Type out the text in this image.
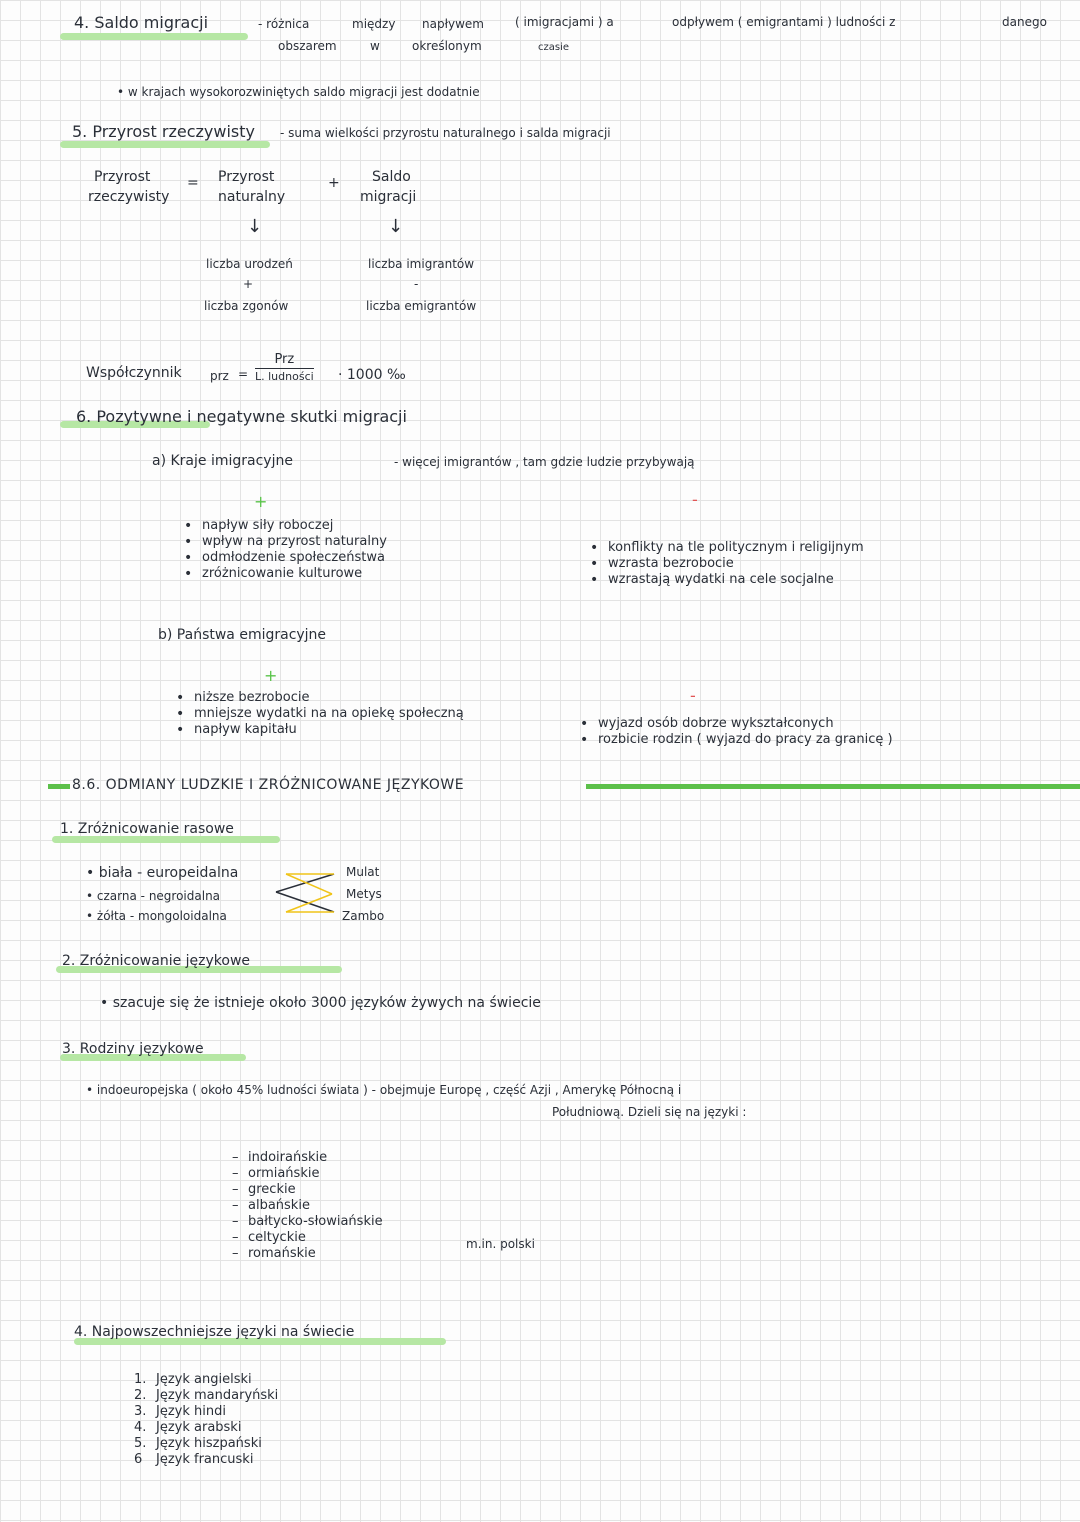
4. Saldo migracji	- różnica
obszarem
między
w
napływem
określonym
( imigracjami ) a
czasie
odpływem ( emigrantami ) ludności z	danego
• w krajach wysokorozwiniętych saldo migracji jest dodatnie
5. Przyrost rzeczywisty - suma wielkości przyrostu naturalnego i salda migracji
Przyrost
rzeczywisty
= Przyrost
naturalny
+ Saldo
migracji
↓	↓
liczba urodzeń
+
liczba zgonów
liczba imigrantów
-
liczba emigrantów
Współczynnik prz =
Prz
L. ludności · 1000 ‰
6. Pozytywne i negatywne skutki migracji
a) Kraje imigracyjne	- więcej imigrantów , tam gdzie ludzie przybywają
+	-
• napływ siły roboczej
• wpływ na przyrost naturalny
• odmłodzenie społeczeństwa
• zróżnicowanie kulturowe
• konflikty na tle politycznym i religijnym
• wzrasta bezrobocie
• wzrastają wydatki na cele socjalne
b) Państwa emigracyjne
+
-
• niższe bezrobocie
• mniejsze wydatki na na opiekę społeczną
• napływ kapitału
•	wyjazd osób dobrze wykształconych
• rozbicie rodzin ( wyjazd do pracy za granicę )
8.6. ODMIANY LUDZKIE I ZRÓŻNICOWANE JĘZYKOWE
1. Zróżnicowanie rasowe
• biała - europeidalna
• czarna - negroidalna
• żółta - mongoloidalna
Mulat
Metys
Zambo
2. Zróżnicowanie językowe
• szacuje się że istnieje około 3000 języków żywych na świecie
3. Rodziny językowe
• indoeuropejska ( około 45% ludności świata ) - obejmuje Europę , część Azji , Amerykę Północną i
Południową. Dzieli się na języki :
– indoirańskie
– ormiańskie
– greckie
– albańskie
– bałtycko-słowiańskie
– celtyckie
– romańskie
m.in. polski
4. Najpowszechniejsze języki na świecie
1. Język angielski
2. Język mandaryński
3. Język hindi
4. Język arabski
5. Język hiszpański
6 Język francuski
